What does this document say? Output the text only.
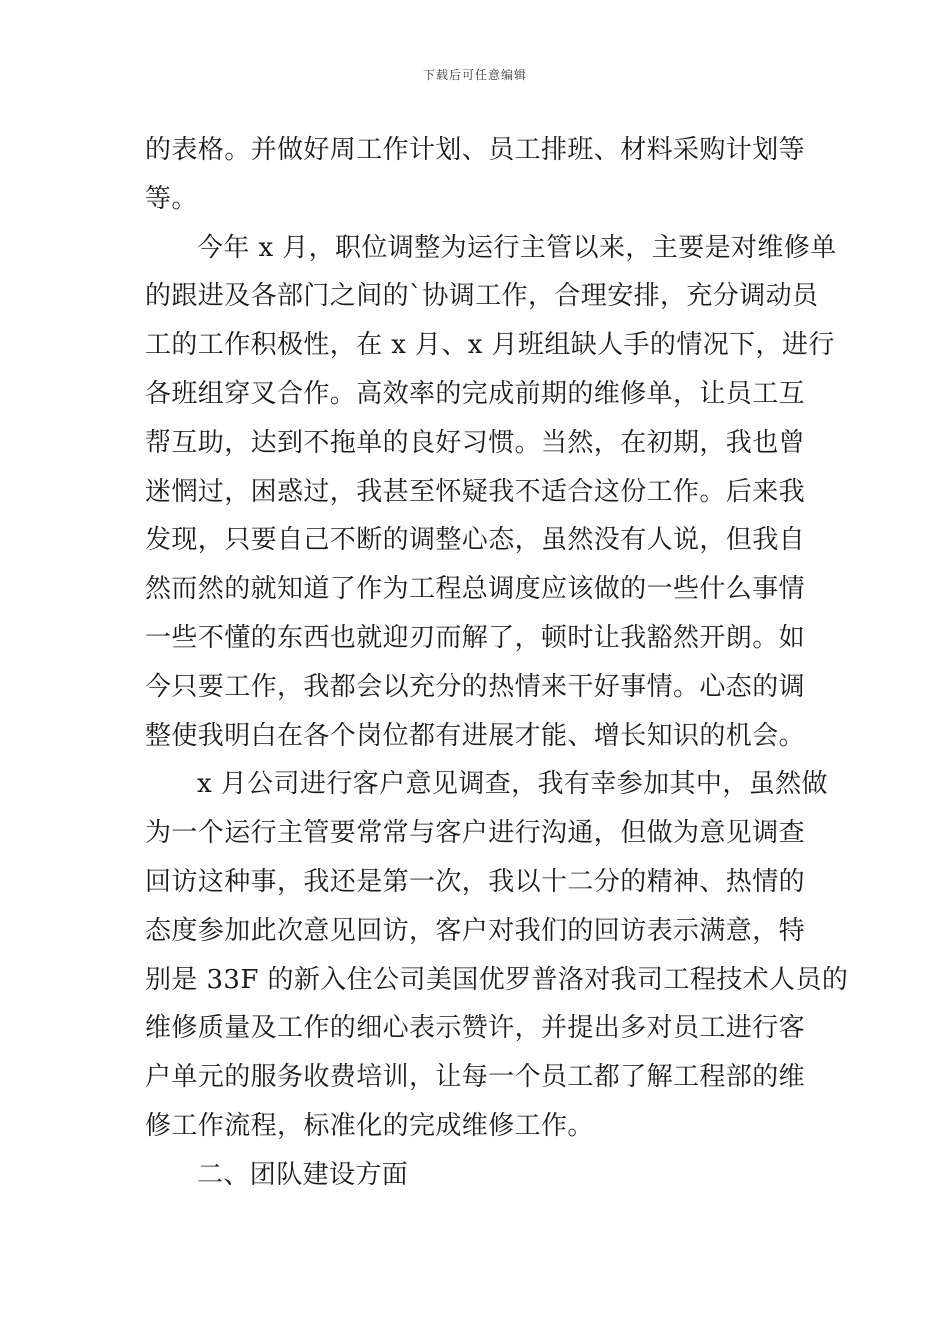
下载后可任意编辑
的表格。并做好周工作计划、员工排班、材料采购计划等
等。
今年 x 月，职位调整为运行主管以来，主要是对维修单
的跟进及各部门之间的`协调工作，合理安排，充分调动员
工的工作积极性，在 x 月、x 月班组缺人手的情况下，进行
各班组穿叉合作。高效率的完成前期的维修单，让员工互
帮互助，达到不拖单的良好习惯。当然，在初期，我也曾
迷惘过，困惑过，我甚至怀疑我不适合这份工作。后来我
发现，只要自己不断的调整心态，虽然没有人说，但我自
然而然的就知道了作为工程总调度应该做的一些什么事情
一些不懂的东西也就迎刃而解了，顿时让我豁然开朗。如
今只要工作，我都会以充分的热情来干好事情。心态的调
整使我明白在各个岗位都有进展才能、增长知识的机会。
x 月公司进行客户意见调查，我有幸参加其中，虽然做
为一个运行主管要常常与客户进行沟通，但做为意见调查
回访这种事，我还是第一次，我以十二分的精神、热情的
态度参加此次意见回访，客户对我们的回访表示满意，特
别是 33F 的新入住公司美国优罗普洛对我司工程技术人员的
维修质量及工作的细心表示赞许，并提出多对员工进行客
户单元的服务收费培训，让每一个员工都了解工程部的维
修工作流程，标准化的完成维修工作。
二、团队建设方面
